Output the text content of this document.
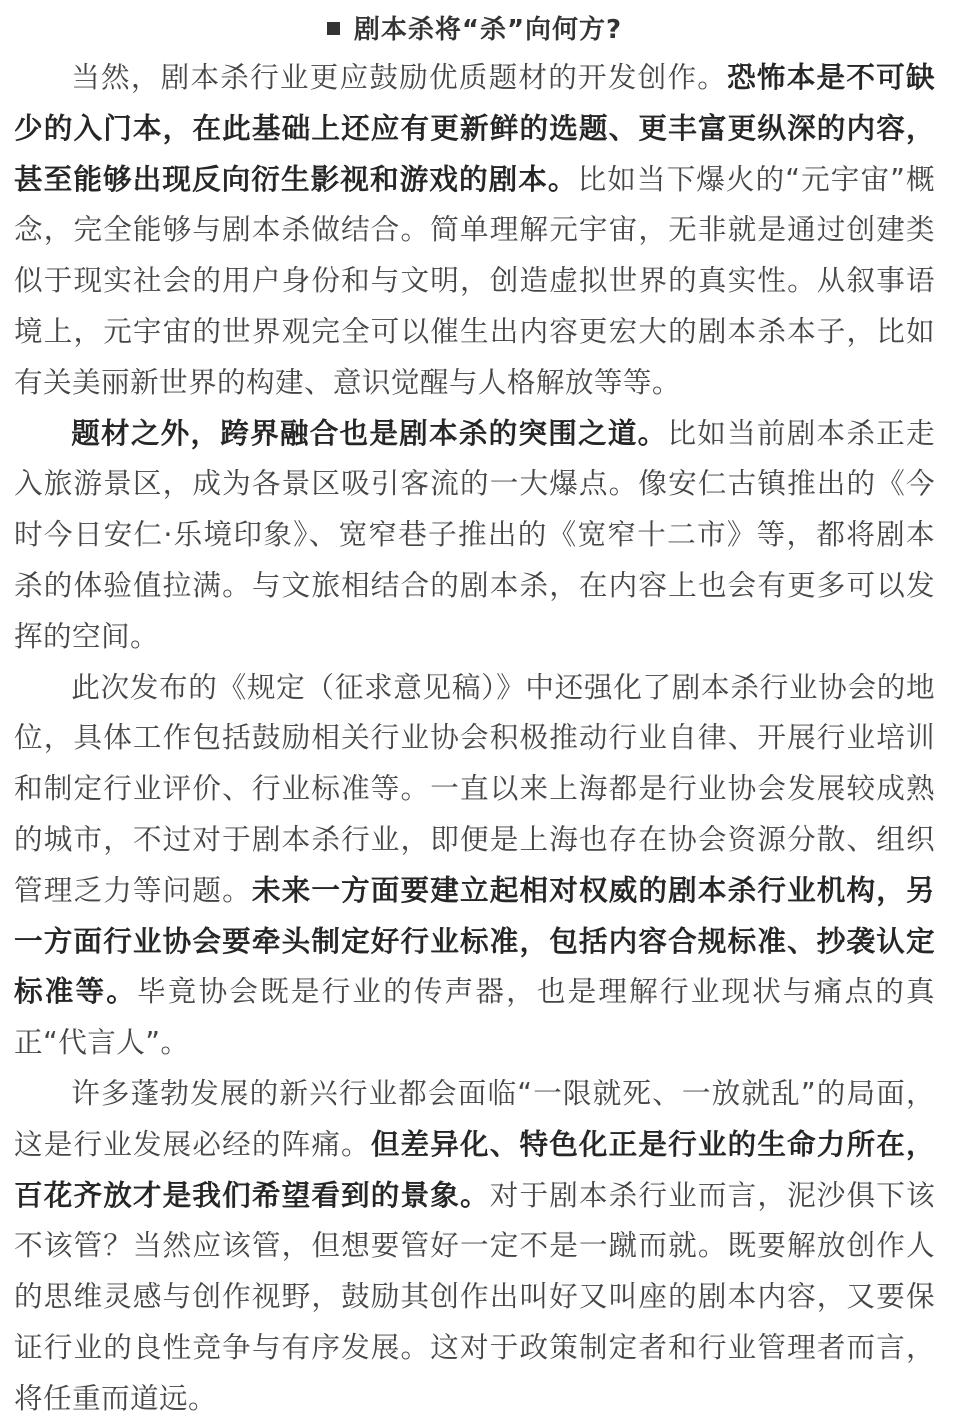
剧本杀将“杀”向何方?

当然，剧本杀行业更应鼓励优质题材的开发创作。恐怖本是不可缺少的入门本，在此基础上还应有更新鲜的选题、更丰富更纵深的内容，甚至能够出现反向衍生影视和游戏的剧本。比如当下爆火的“元宇宙”概念，完全能够与剧本杀做结合。简单理解元宇宙，无非就是通过创建类似于现实社会的用户身份和与文明，创造虚拟世界的真实性。从叙事语境上，元宇宙的世界观完全可以催生出内容更宏大的剧本杀本子，比如有关美丽新世界的构建、意识觉醒与人格解放等等。

题材之外，跨界融合也是剧本杀的突围之道。比如当前剧本杀正走入旅游景区，成为各景区吸引客流的一大爆点。像安仁古镇推出的《今时今日安仁·乐境印象》、宽窄巷子推出的《宽窄十二市》等，都将剧本杀的体验值拉满。与文旅相结合的剧本杀，在内容上也会有更多可以发挥的空间。

此次发布的《规定（征求意见稿）》中还强化了剧本杀行业协会的地位，具体工作包括鼓励相关行业协会积极推动行业自律、开展行业培训和制定行业评价、行业标准等。一直以来上海都是行业协会发展较成熟的城市，不过对于剧本杀行业，即便是上海也存在协会资源分散、组织管理乏力等问题。未来一方面要建立起相对权威的剧本杀行业机构，另一方面行业协会要牵头制定好行业标准，包括内容合规标准、抄袭认定标准等。毕竟协会既是行业的传声器，也是理解行业现状与痛点的真正“代言人”。

许多蓬勃发展的新兴行业都会面临“一限就死、一放就乱”的局面，这是行业发展必经的阵痛。但差异化、特色化正是行业的生命力所在，百花齐放才是我们希望看到的景象。对于剧本杀行业而言，泥沙俱下该不该管？当然应该管，但想要管好一定不是一蹴而就。既要解放创作人的思维灵感与创作视野，鼓励其创作出叫好又叫座的剧本内容，又要保证行业的良性竞争与有序发展。这对于政策制定者和行业管理者而言，将任重而道远。
